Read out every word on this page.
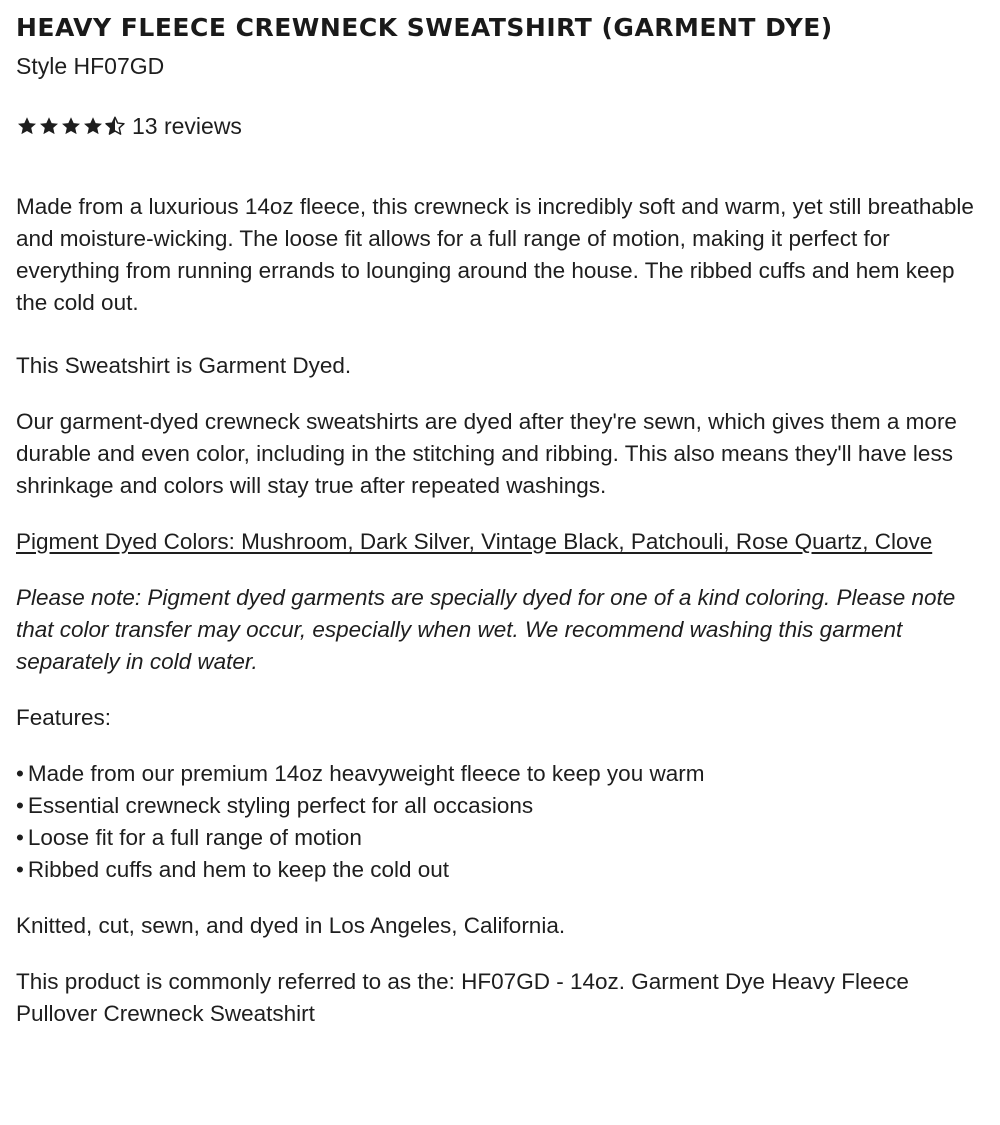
HEAVY FLEECE CREWNECK SWEATSHIRT (GARMENT DYE)
Style HF07GD
13 reviews

Made from a luxurious 14oz fleece, this crewneck is incredibly soft and warm, yet still breathable and moisture-wicking. The loose fit allows for a full range of motion, making it perfect for everything from running errands to lounging around the house. The ribbed cuffs and hem keep the cold out.

This Sweatshirt is Garment Dyed.

Our garment-dyed crewneck sweatshirts are dyed after they're sewn, which gives them a more durable and even color, including in the stitching and ribbing. This also means they'll have less shrinkage and colors will stay true after repeated washings.

Pigment Dyed Colors: Mushroom, Dark Silver, Vintage Black, Patchouli, Rose Quartz, Clove

Please note: Pigment dyed garments are specially dyed for one of a kind coloring. Please note that color transfer may occur, especially when wet. We recommend washing this garment separately in cold water.

Features:

• Made from our premium 14oz heavyweight fleece to keep you warm
• Essential crewneck styling perfect for all occasions
• Loose fit for a full range of motion
• Ribbed cuffs and hem to keep the cold out

Knitted, cut, sewn, and dyed in Los Angeles, California.

This product is commonly referred to as the: HF07GD - 14oz. Garment Dye Heavy Fleece Pullover Crewneck Sweatshirt
